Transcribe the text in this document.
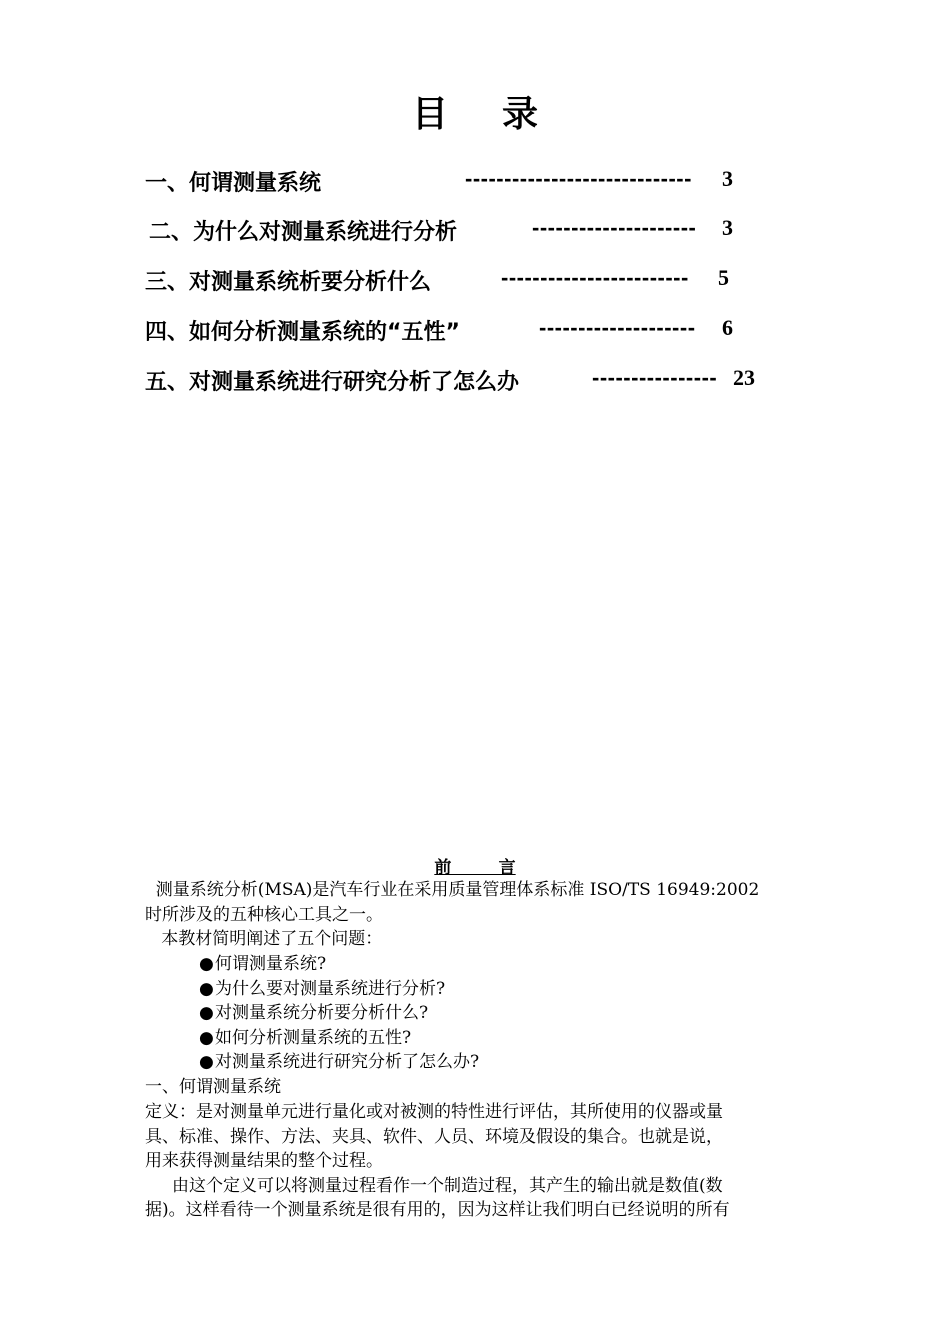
目 录
一、何谓测量系统	----------------------------- 3
二、为什么对测量系统进行分析	--------------------- 3
三、对测量系统析要分析什么	------------------------ 5
四、如何分析测量系统的“五性”	-------------------- 6
五、对测量系统进行研究分析了怎么办	---------------- 23
前        言
测量系统分析(MSA)是汽车行业在采用质量管理体系标准 ISO/TS 16949:2002
时所涉及的五种核心工具之一。
本教材简明阐述了五个问题：
●何谓测量系统?
●为什么要对测量系统进行分析?
●对测量系统分析要分析什么?
●如何分析测量系统的五性?
●对测量系统进行研究分析了怎么办?
一、何谓测量系统
定义：是对测量单元进行量化或对被测的特性进行评估，其所使用的仪器或量
具、标准、操作、方法、夹具、软件、人员、环境及假设的集合。也就是说，
用来获得测量结果的整个过程。
由这个定义可以将测量过程看作一个制造过程，其产生的输出就是数值(数
据)。这样看待一个测量系统是很有用的，因为这样让我们明白已经说明的所有
